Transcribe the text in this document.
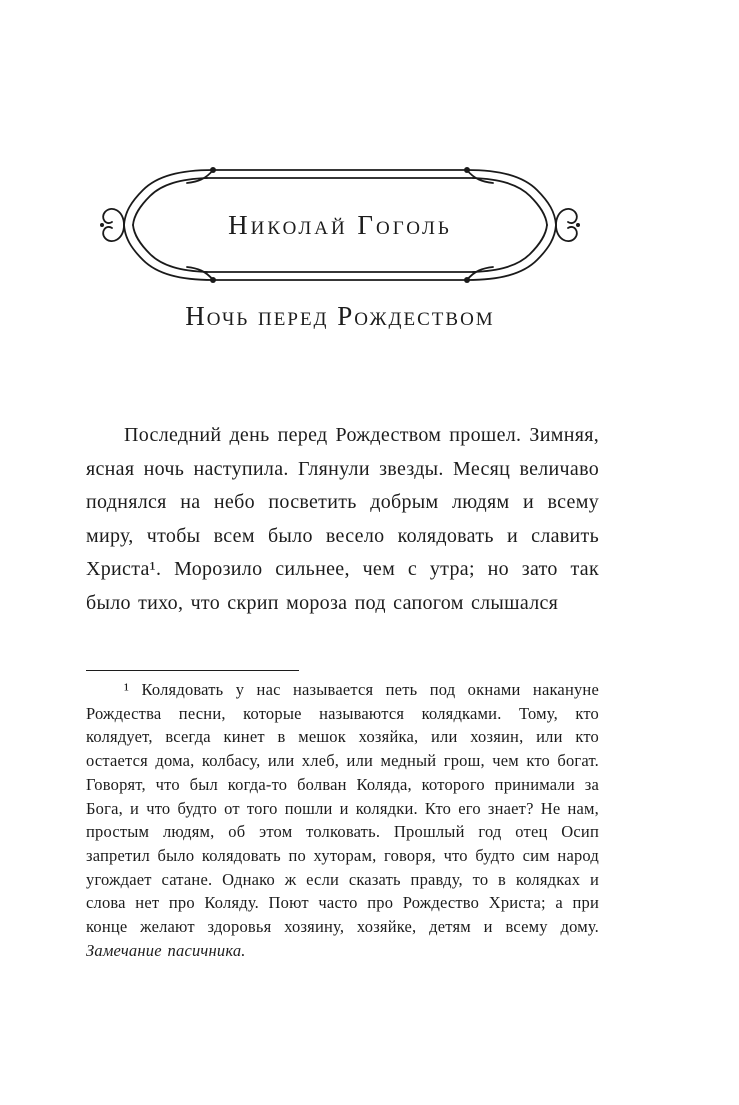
Николай Гоголь
Ночь перед Рождеством

Последний день перед Рождеством прошел. Зимняя, ясная ночь наступила. Глянули звезды. Месяц величаво поднялся на небо посветить добрым людям и всему миру, чтобы всем было весело колядовать и славить Христа¹. Морозило сильнее, чем с утра; но зато так было тихо, что скрип мороза под сапогом слышался

¹ Колядовать у нас называется петь под окнами накануне Рождества песни, которые называются колядками. Тому, кто колядует, всегда кинет в мешок хозяйка, или хозяин, или кто остается дома, колбасу, или хлеб, или медный грош, чем кто богат. Говорят, что был когда-то болван Коляда, которого принимали за Бога, и что будто от того пошли и колядки. Кто его знает? Не нам, простым людям, об этом толковать. Прошлый год отец Осип запретил было колядовать по хуторам, говоря, что будто сим народ угождает сатане. Однако ж если сказать правду, то в колядках и слова нет про Коляду. Поют часто про Рождество Христа; а при конце желают здоровья хозяину, хозяйке, детям и всему дому. Замечание пасичника.
